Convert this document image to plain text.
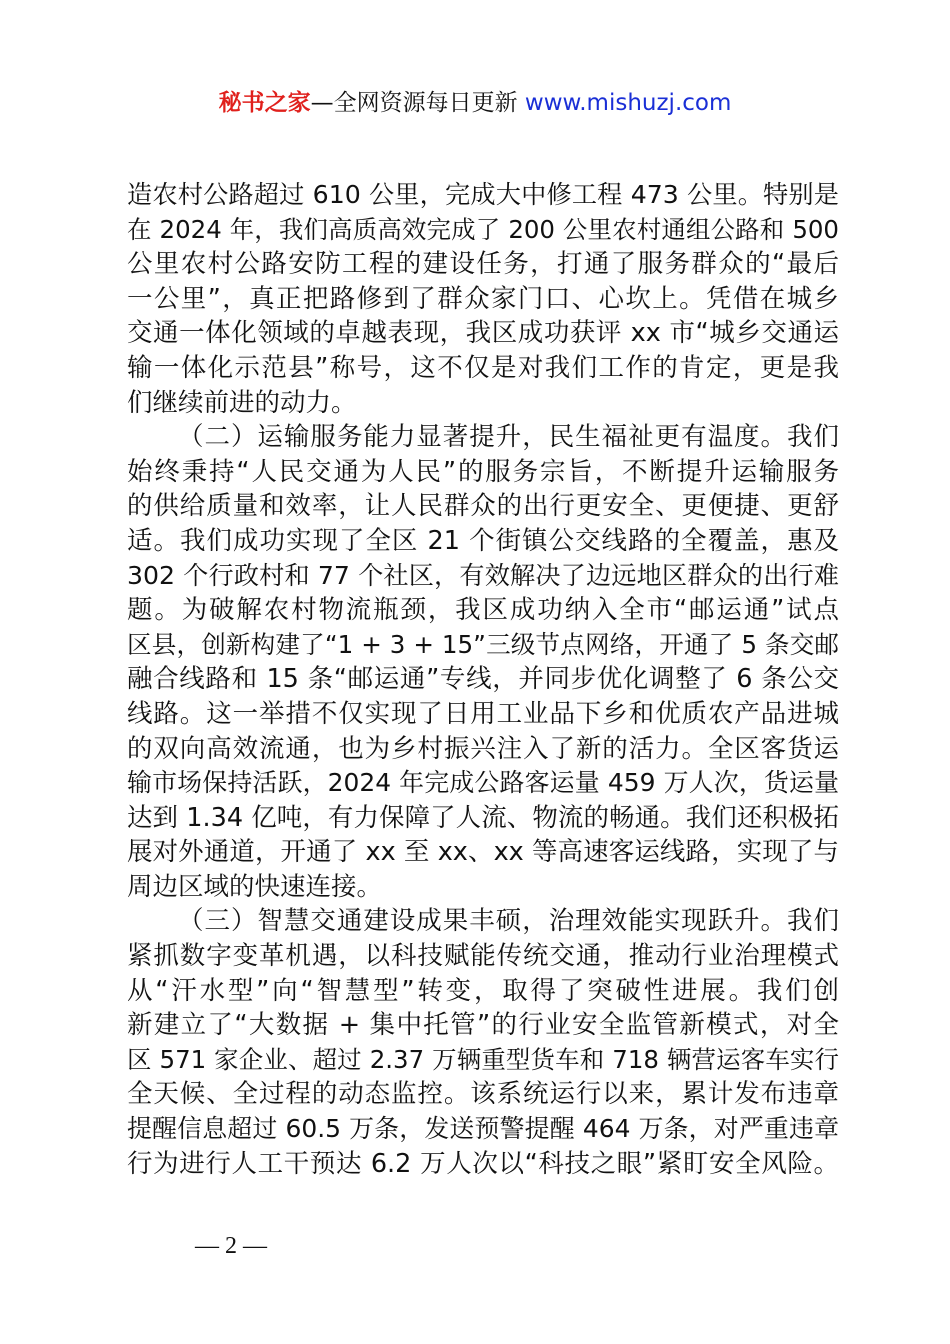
秘书之家—全网资源每日更新 www.mishuzj.com
造农村公路超过 610 公里，完成大中修工程 473 公里。特别是
在 2024 年，我们高质高效完成了 200 公里农村通组公路和 500
公里农村公路安防工程的建设任务，打通了服务群众的“最后
一公里”，真正把路修到了群众家门口、心坎上。凭借在城乡
交通一体化领域的卓越表现，我区成功获评 xx 市“城乡交通运
输一体化示范县”称号，这不仅是对我们工作的肯定，更是我
们继续前进的动力。
（二）运输服务能力显著提升，民生福祉更有温度。我们
始终秉持“人民交通为人民”的服务宗旨，不断提升运输服务
的供给质量和效率，让人民群众的出行更安全、更便捷、更舒
适。我们成功实现了全区 21 个街镇公交线路的全覆盖，惠及
302 个行政村和 77 个社区，有效解决了边远地区群众的出行难
题。为破解农村物流瓶颈，我区成功纳入全市“邮运通”试点
区县，创新构建了“1 + 3 + 15”三级节点网络，开通了 5 条交邮
融合线路和 15 条“邮运通”专线，并同步优化调整了 6 条公交
线路。这一举措不仅实现了日用工业品下乡和优质农产品进城
的双向高效流通，也为乡村振兴注入了新的活力。全区客货运
输市场保持活跃，2024 年完成公路客运量 459 万人次，货运量
达到 1.34 亿吨，有力保障了人流、物流的畅通。我们还积极拓
展对外通道，开通了 xx 至 xx、xx 等高速客运线路，实现了与
周边区域的快速连接。
（三）智慧交通建设成果丰硕，治理效能实现跃升。我们
紧抓数字变革机遇，以科技赋能传统交通，推动行业治理模式
从“汗水型”向“智慧型”转变，取得了突破性进展。我们创
新建立了“大数据 + 集中托管”的行业安全监管新模式，对全
区 571 家企业、超过 2.37 万辆重型货车和 718 辆营运客车实行
全天候、全过程的动态监控。该系统运行以来，累计发布违章
提醒信息超过 60.5 万条，发送预警提醒 464 万条，对严重违章
行为进行人工干预达 6.2 万人次以“科技之眼”紧盯安全风险。
— 2 —
